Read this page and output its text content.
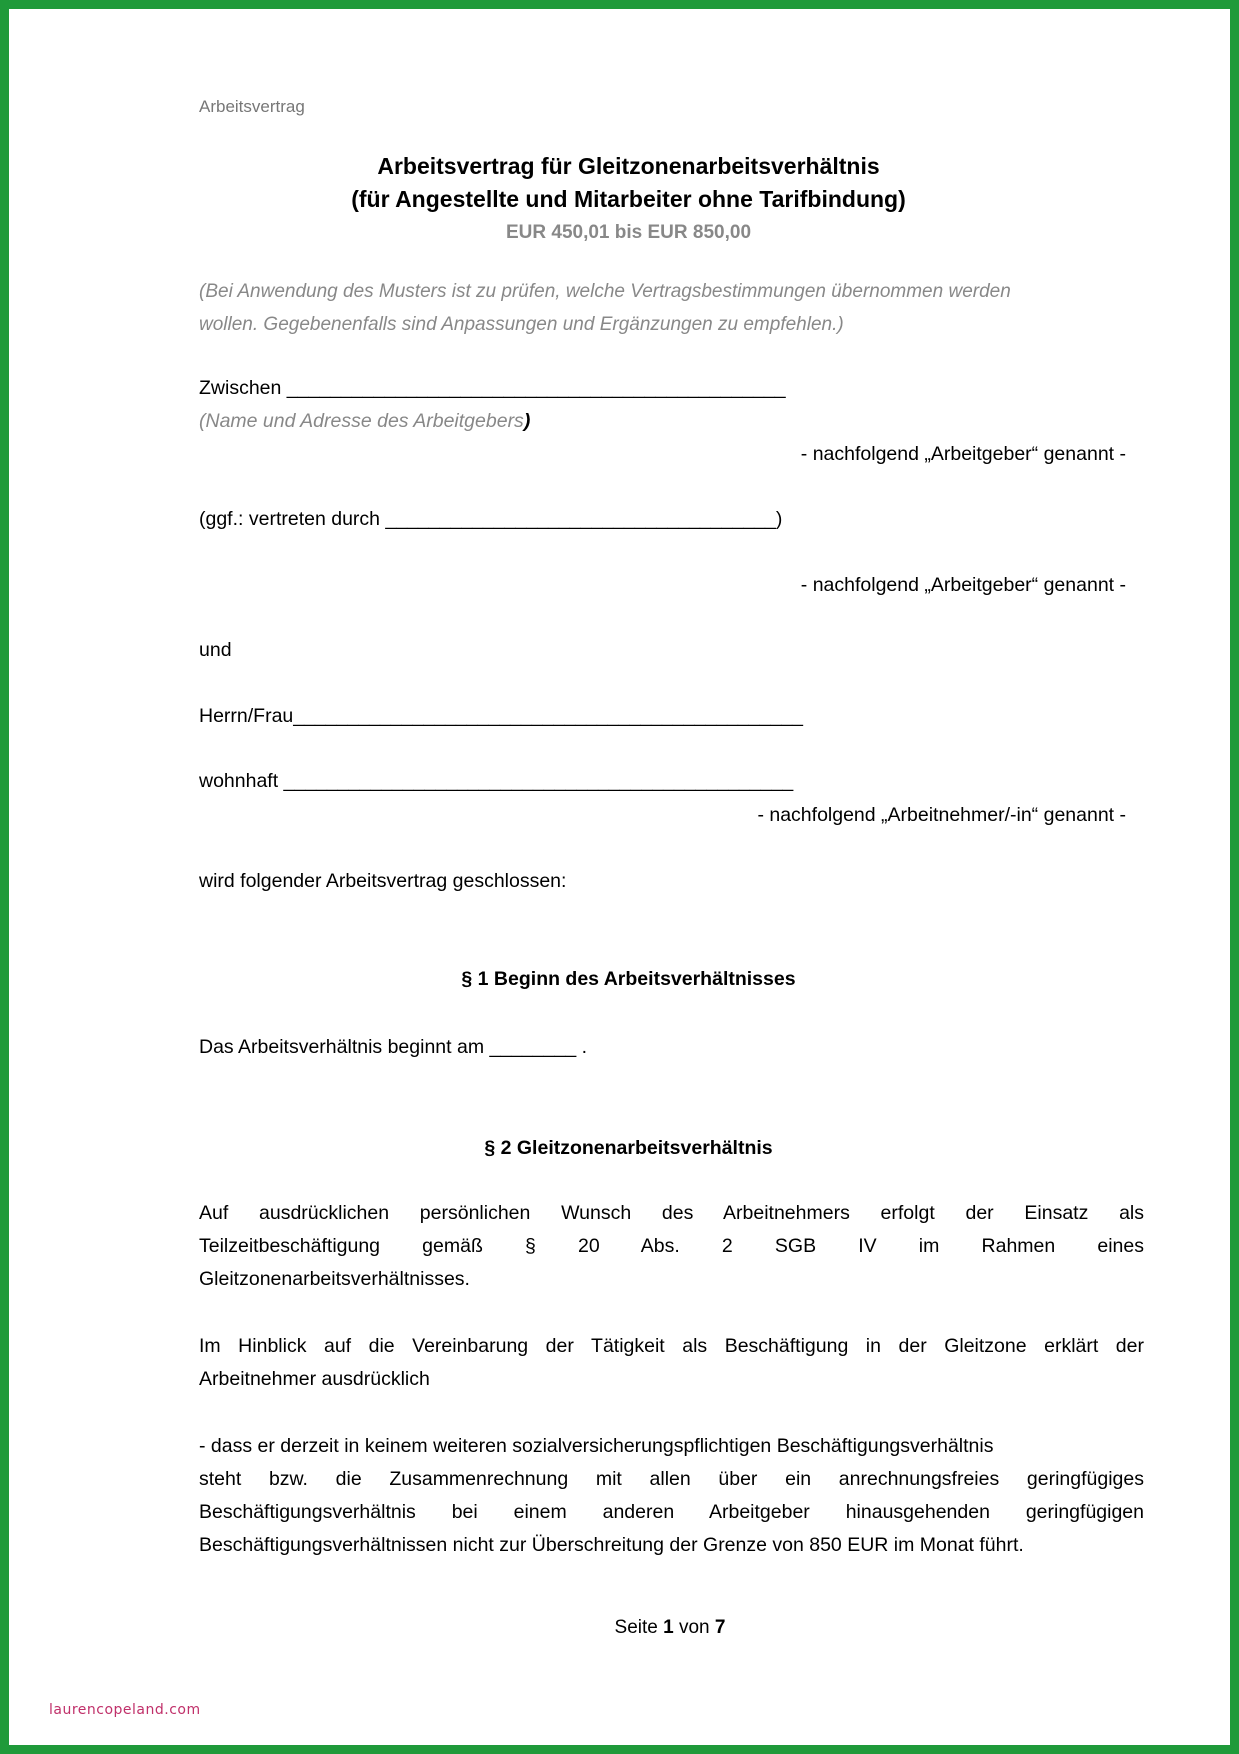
Arbeitsvertrag
Arbeitsvertrag für Gleitzonenarbeitsverhältnis
(für Angestellte und Mitarbeiter ohne Tarifbindung)
EUR 450,01 bis EUR 850,00
(Bei Anwendung des Musters ist zu prüfen, welche Vertragsbestimmungen übernommen werden
wollen. Gegebenenfalls sind Anpassungen und Ergänzungen zu empfehlen.)
Zwischen ______________________________________________
(Name und Adresse des Arbeitgebers)
- nachfolgend „Arbeitgeber“ genannt -
(ggf.: vertreten durch ____________________________________)
- nachfolgend „Arbeitgeber“ genannt -
und
Herrn/Frau_______________________________________________
wohnhaft _______________________________________________
- nachfolgend „Arbeitnehmer/-in“ genannt -
wird folgender Arbeitsvertrag geschlossen:
§ 1 Beginn des Arbeitsverhältnisses
Das Arbeitsverhältnis beginnt am ________ .
§ 2 Gleitzonenarbeitsverhältnis
Auf ausdrücklichen persönlichen Wunsch des Arbeitnehmers erfolgt der Einsatz als
Teilzeitbeschäftigung gemäß § 20 Abs. 2 SGB IV im Rahmen eines
Gleitzonenarbeitsverhältnisses.
Im Hinblick auf die Vereinbarung der Tätigkeit als Beschäftigung in der Gleitzone erklärt der
Arbeitnehmer ausdrücklich
- dass er derzeit in keinem weiteren sozialversicherungspflichtigen Beschäftigungsverhältnis
steht bzw. die Zusammenrechnung mit allen über ein anrechnungsfreies geringfügiges
Beschäftigungsverhältnis bei einem anderen Arbeitgeber hinausgehenden geringfügigen
Beschäftigungsverhältnissen nicht zur Überschreitung der Grenze von 850 EUR im Monat führt.
Seite 1 von 7
laurencopeland.com
